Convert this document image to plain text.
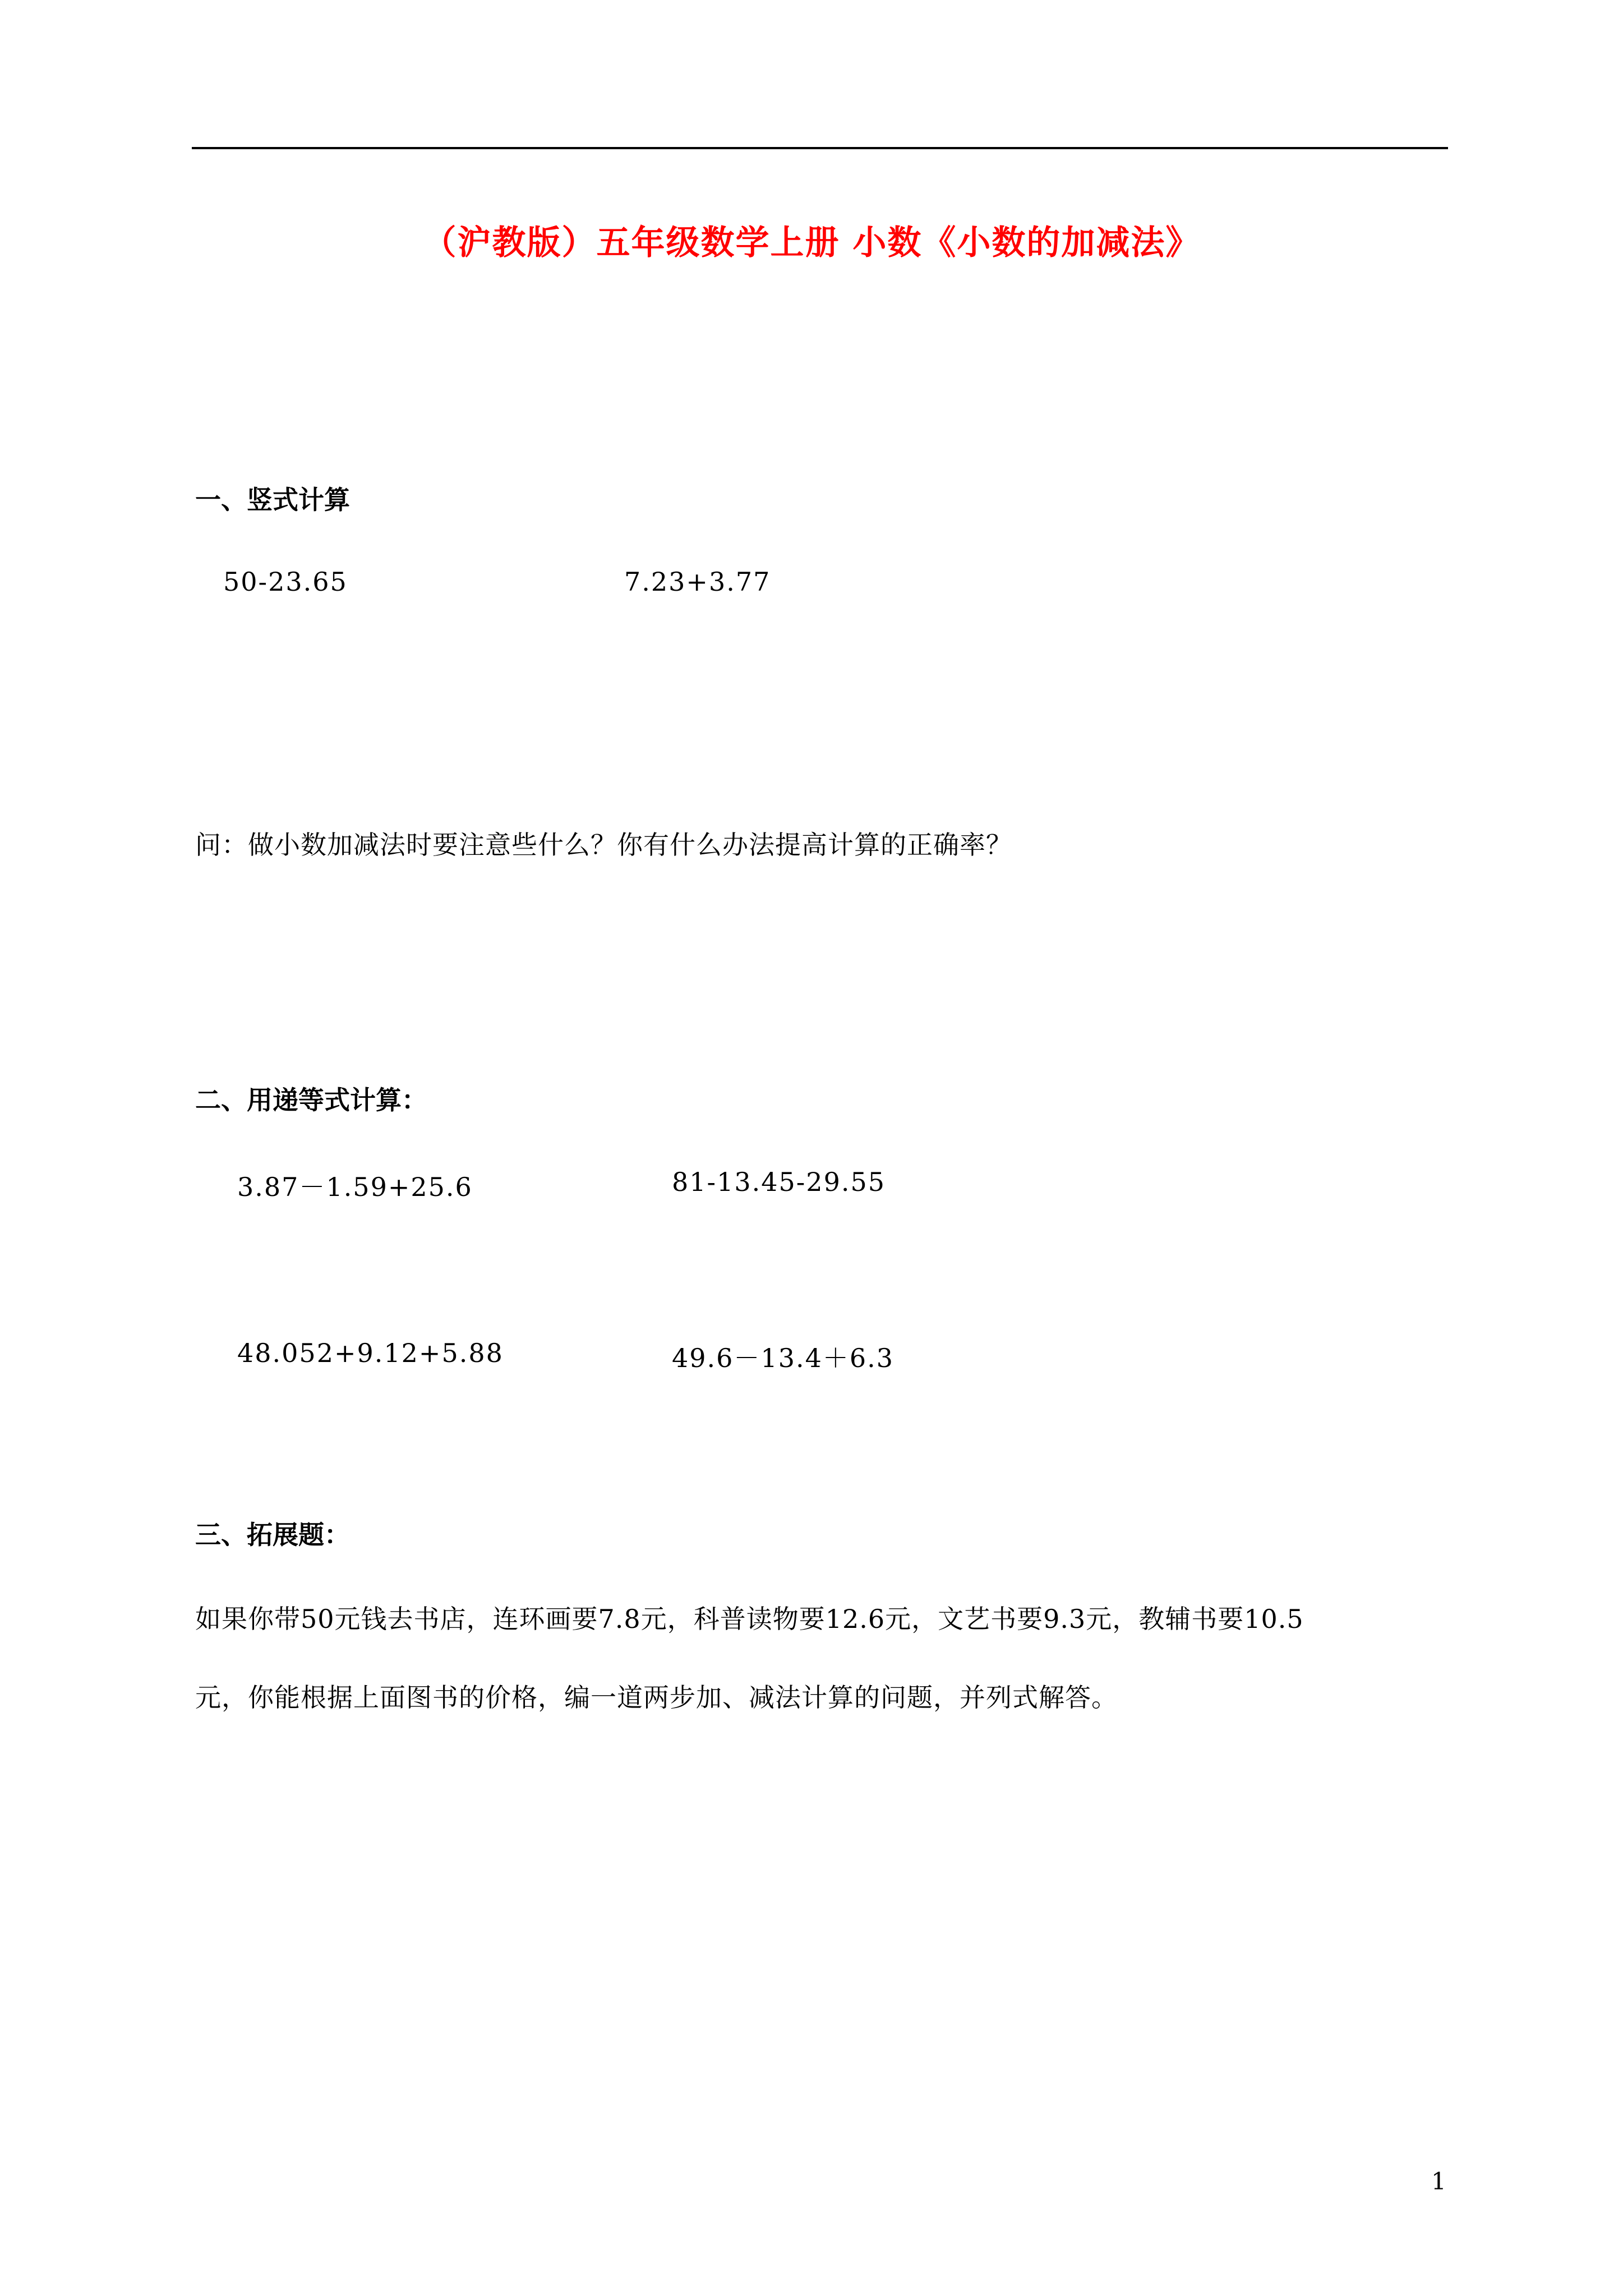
（沪教版）五年级数学上册 小数《小数的加减法》
一、竖式计算
50-23.65	7.23+3.77
问：做小数加减法时要注意些什么？你有什么办法提高计算的正确率？
二、用递等式计算：
3.87－1.59+25.6	81-13.45-29.55
48.052+9.12+5.88	49.6－13.4＋6.3
三、拓展题：
如果你带50元钱去书店，连环画要7.8元，科普读物要12.6元，文艺书要9.3元，教辅书要10.5
元，你能根据上面图书的价格，编一道两步加、减法计算的问题，并列式解答。
1
